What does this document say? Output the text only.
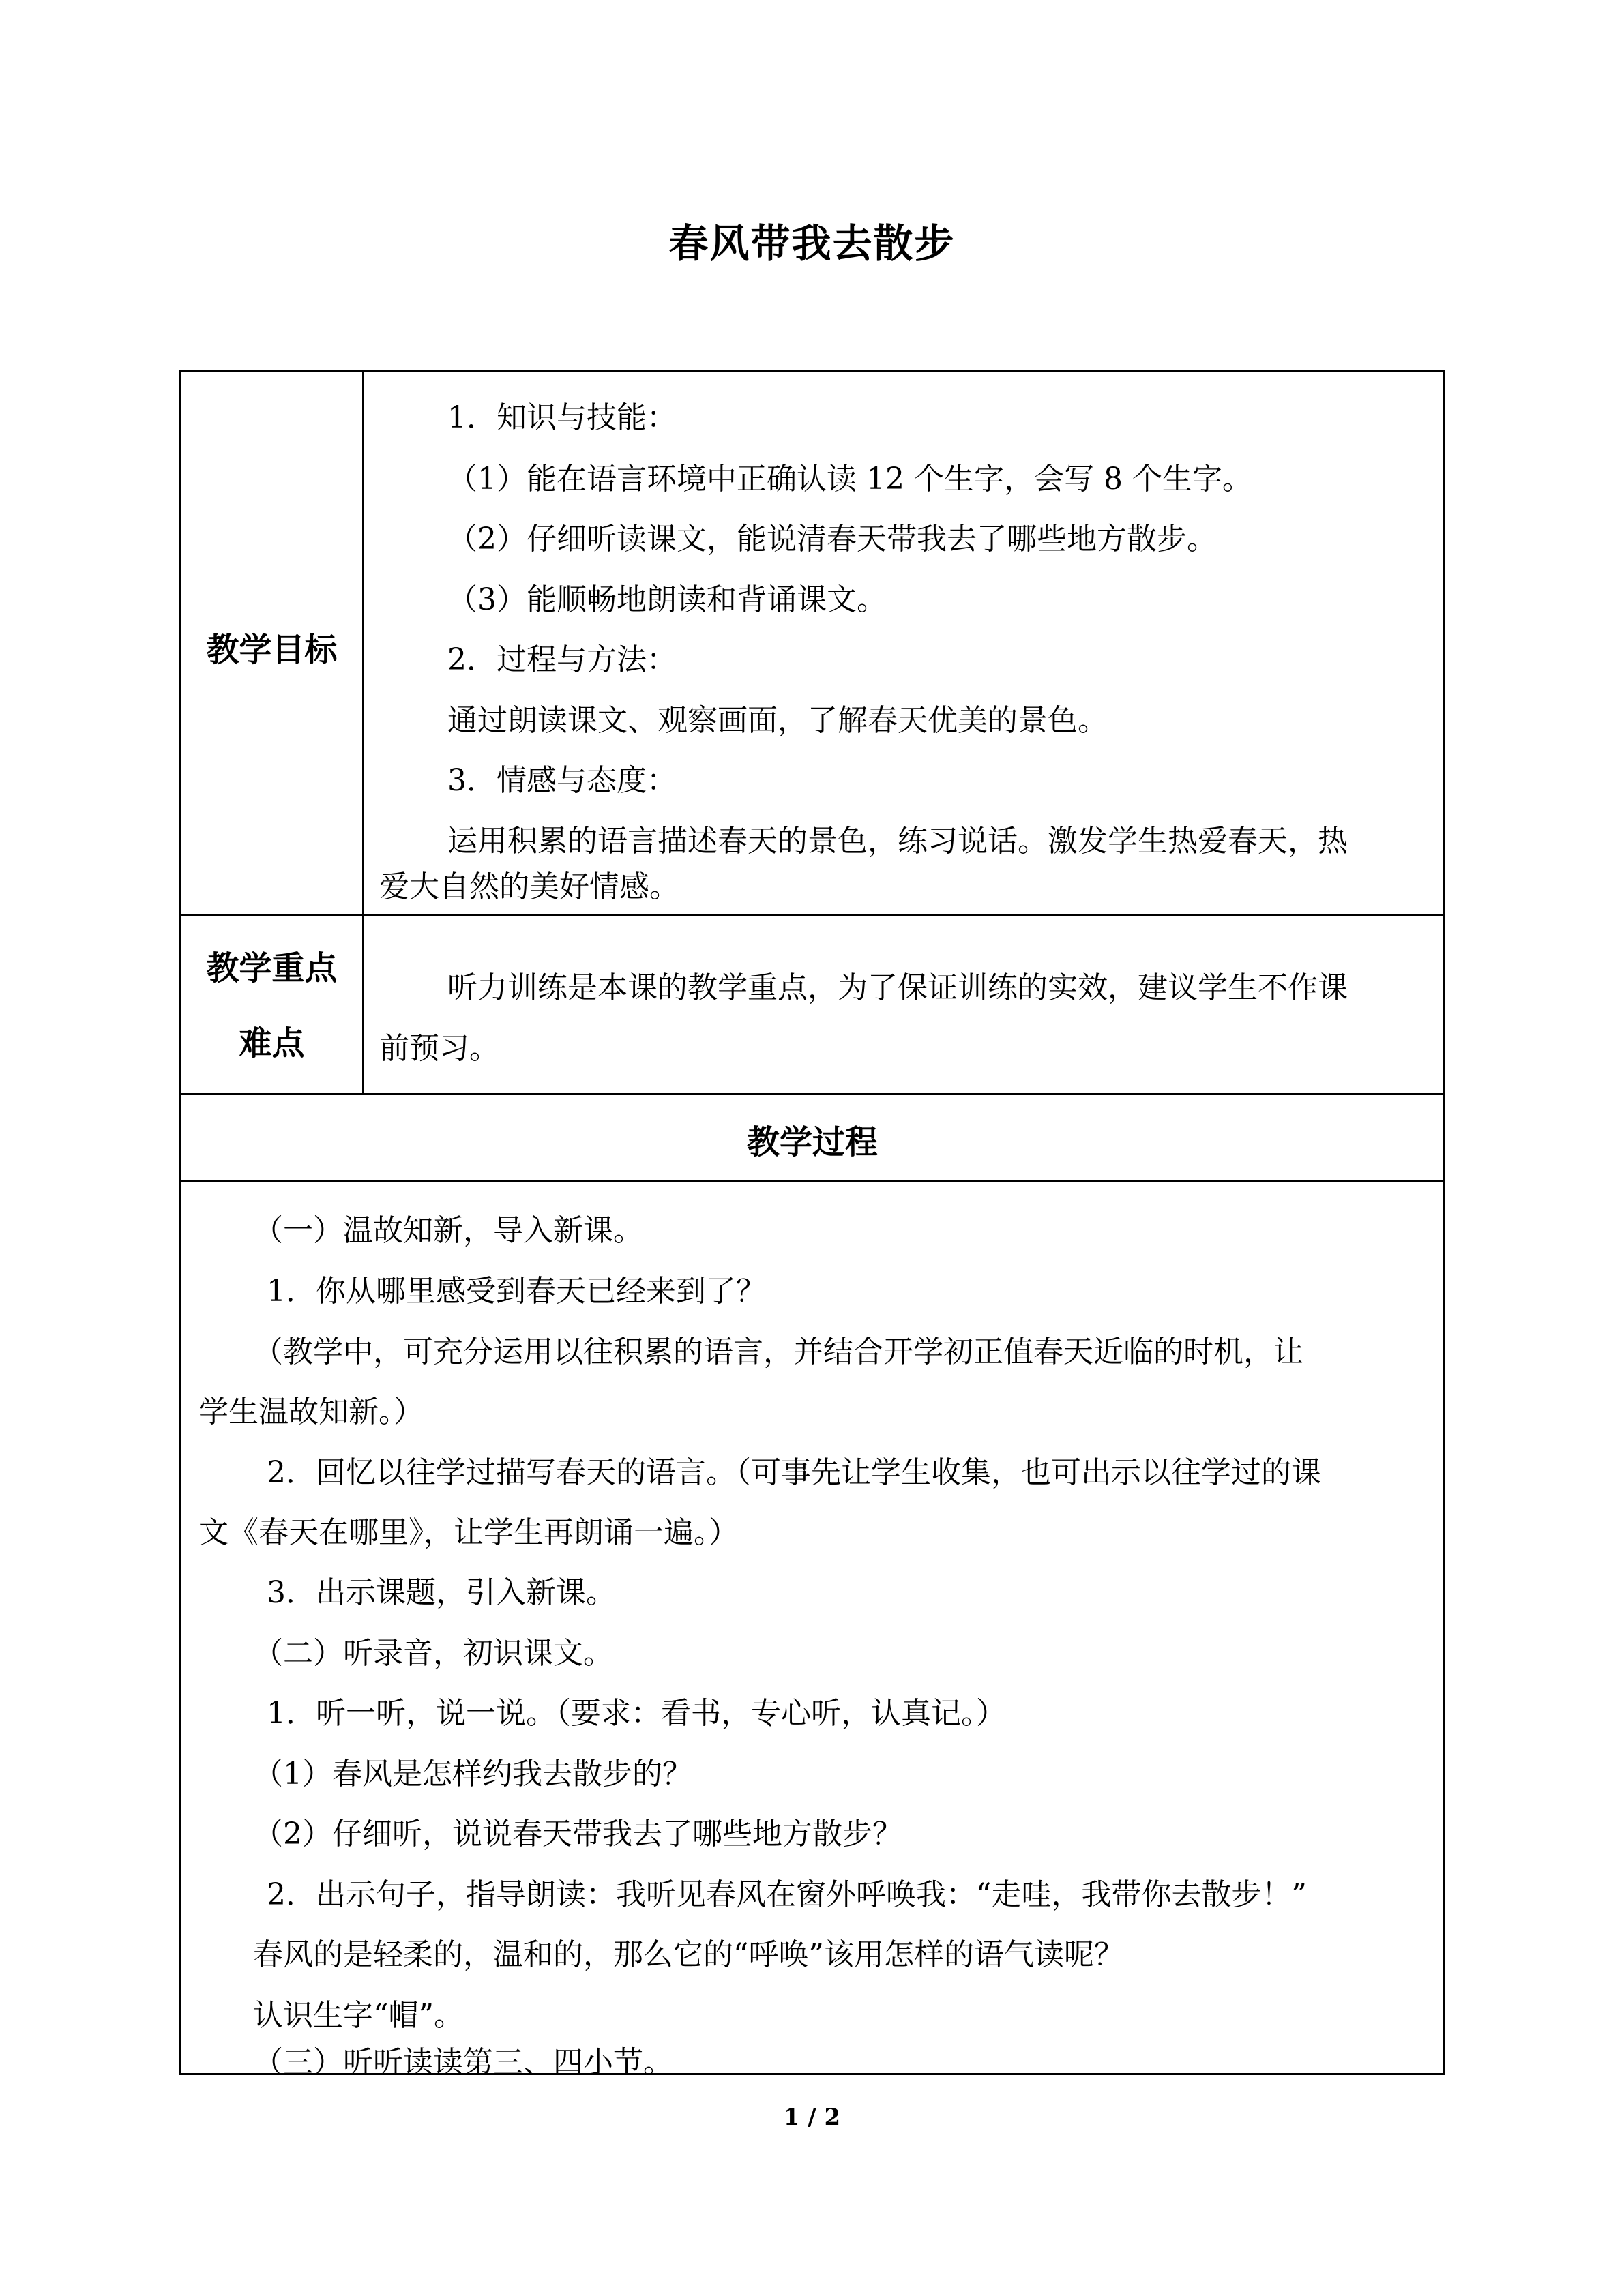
春风带我去散步
教学目标
1．知识与技能：
（1）能在语言环境中正确认读 12 个生字，会写 8 个生字。
（2）仔细听读课文，能说清春天带我去了哪些地方散步。
（3）能顺畅地朗读和背诵课文。
2．过程与方法：
通过朗读课文、观察画面，了解春天优美的景色。
3．情感与态度：
运用积累的语言描述春天的景色，练习说话。激发学生热爱春天，热
爱大自然的美好情感。
教学重点
难点
听力训练是本课的教学重点，为了保证训练的实效，建议学生不作课
前预习。
教学过程
（一）温故知新，导入新课。
1．你从哪里感受到春天已经来到了？
（教学中，可充分运用以往积累的语言，并结合开学初正值春天近临的时机，让
学生温故知新。）
2．回忆以往学过描写春天的语言。（可事先让学生收集，也可出示以往学过的课
文《春天在哪里》，让学生再朗诵一遍。）
3．出示课题，引入新课。
（二）听录音，初识课文。
1．听一听，说一说。（要求：看书，专心听，认真记。）
（1）春风是怎样约我去散步的？
（2）仔细听，说说春天带我去了哪些地方散步？
2．出示句子，指导朗读：我听见春风在窗外呼唤我：“走哇，我带你去散步！”
春风的是轻柔的，温和的，那么它的“呼唤”该用怎样的语气读呢？
认识生字“帽”。
（三）听听读读第三、四小节。
1 / 2
